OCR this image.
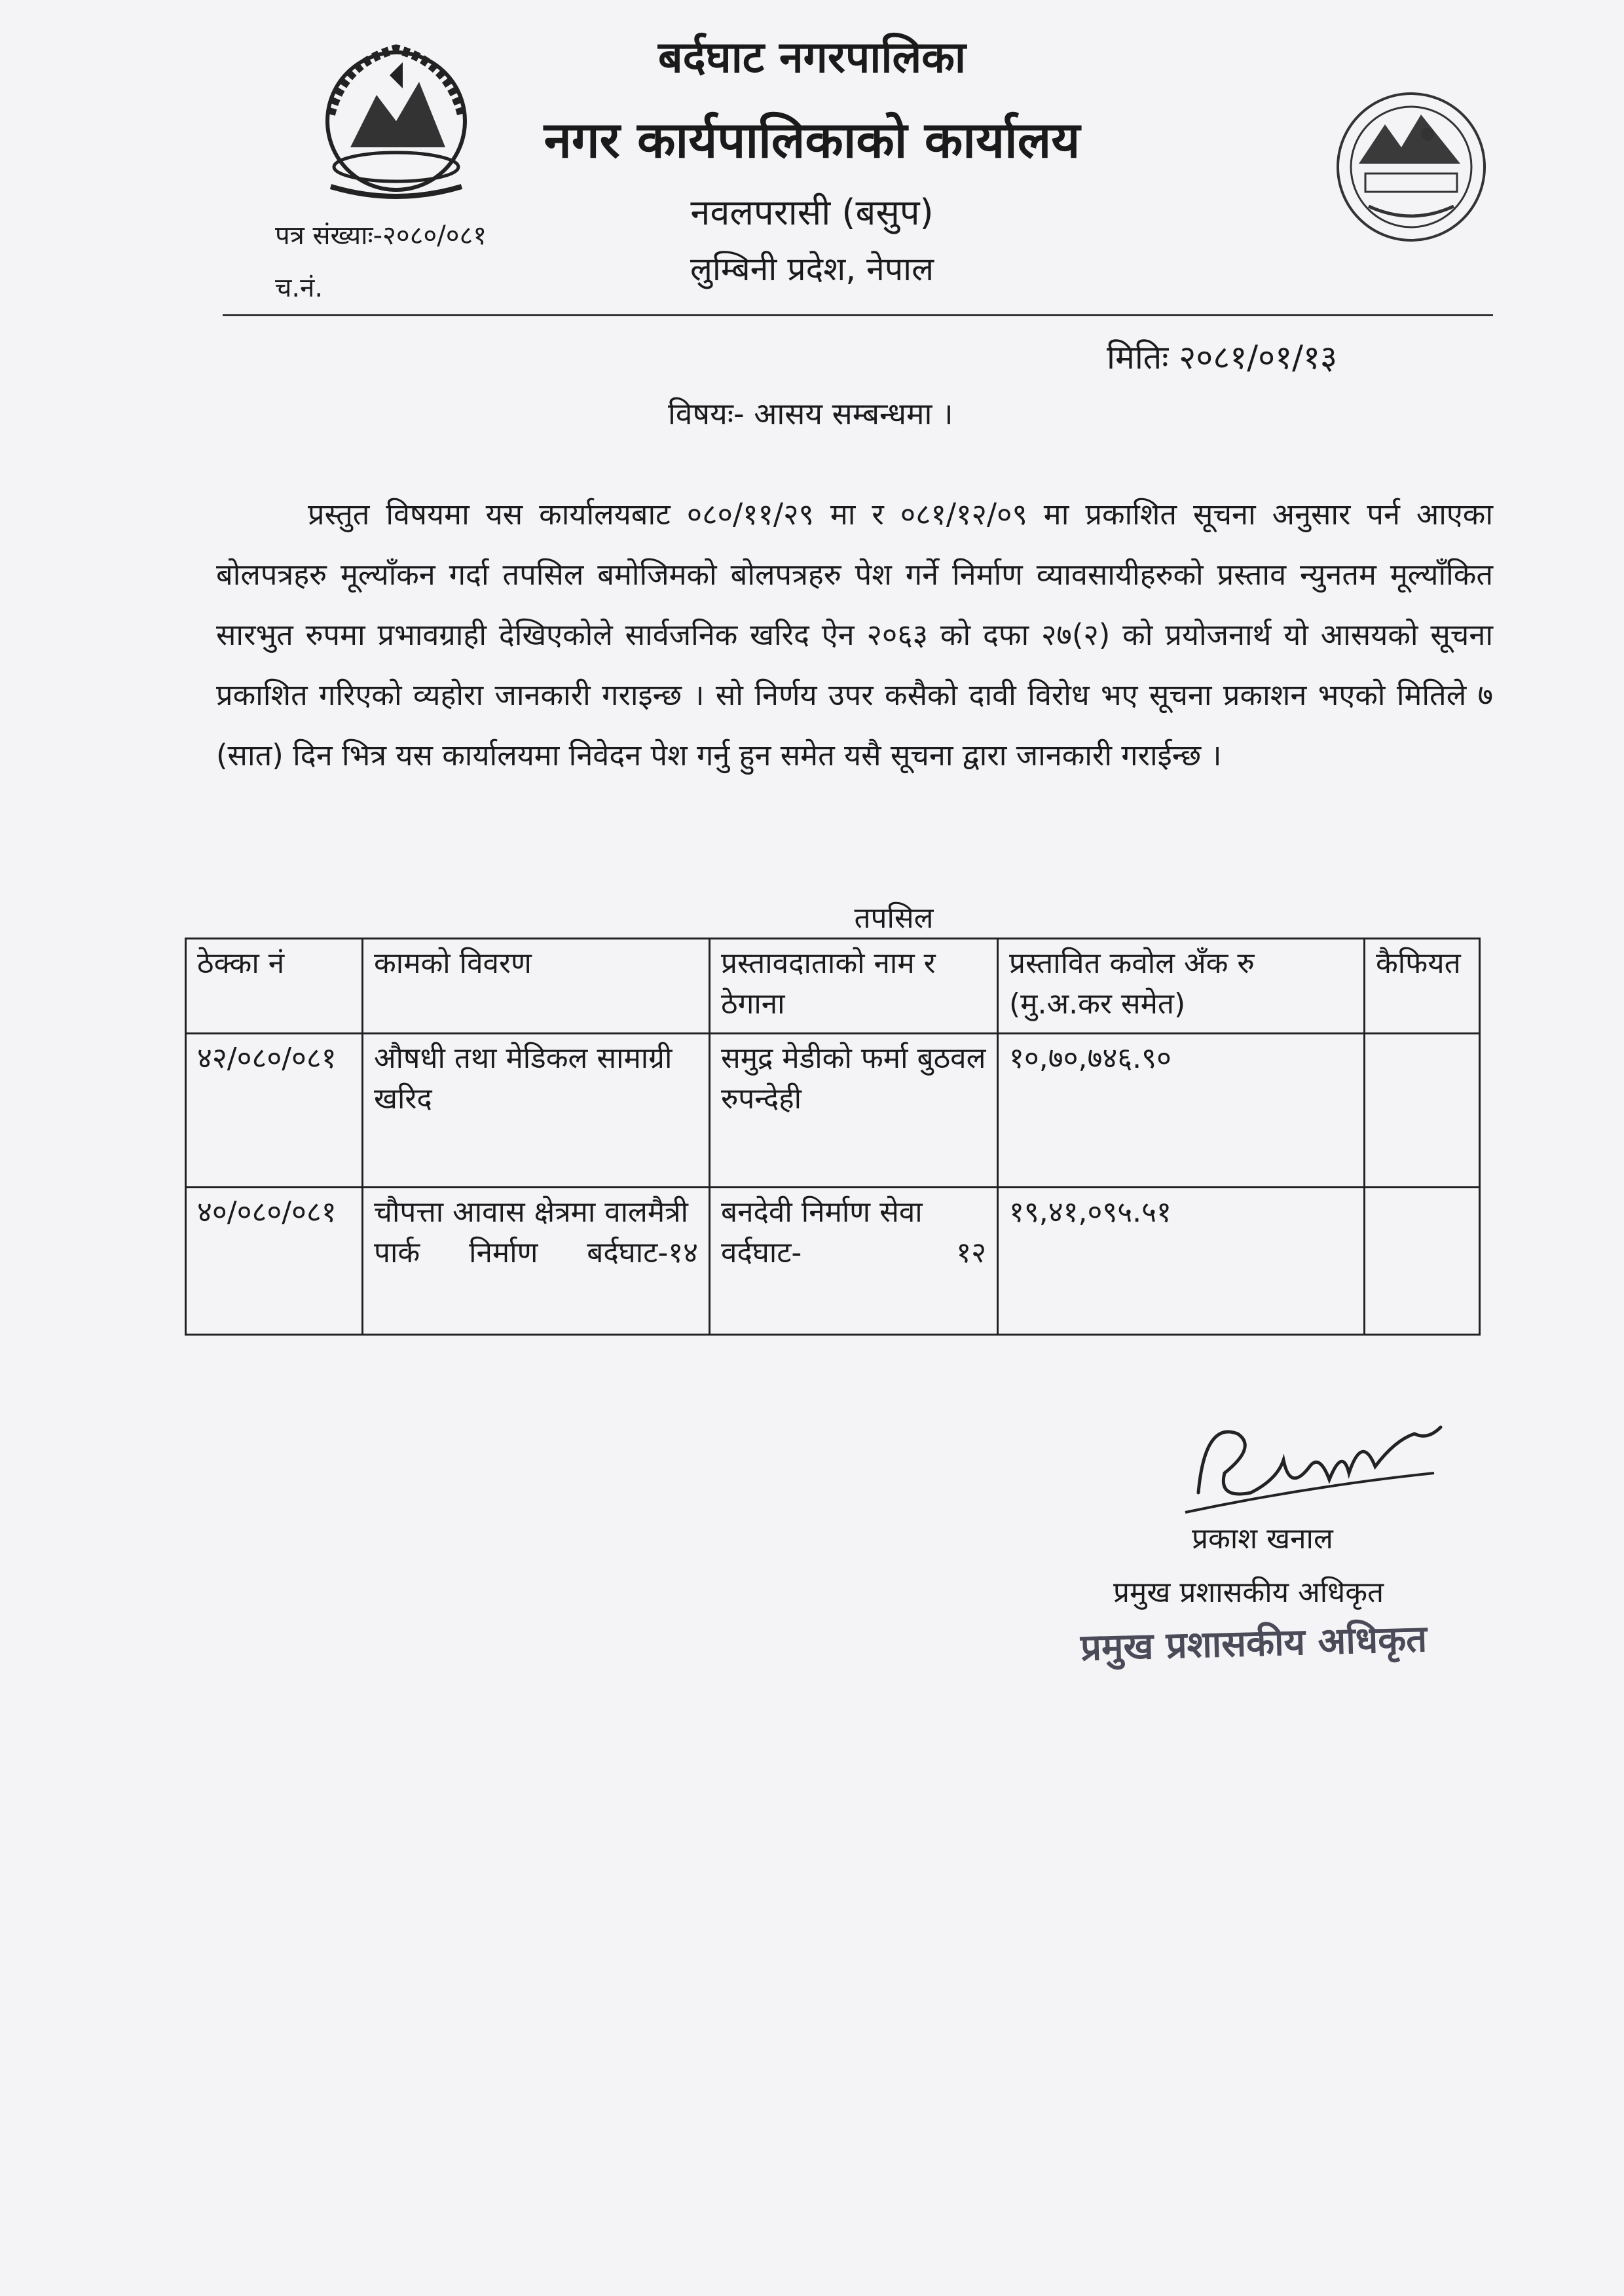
बर्दघाट नगरपालिका
नगर कार्यपालिकाको कार्यालय
नवलपरासी (बसुप)
लुम्बिनी प्रदेश, नेपाल
पत्र संख्याः-२०८०/०८१
च.नं.
मितिः २०८१/०१/१३
विषयः- आसय सम्बन्धमा ।
प्रस्तुत विषयमा यस कार्यालयबाट ०८०/११/२९ मा र ०८१/१२/०९ मा प्रकाशित सूचना अनुसार पर्न आएका बोलपत्रहरु मूल्याँकन गर्दा तपसिल बमोजिमको बोलपत्रहरु पेश गर्ने निर्माण व्यावसायीहरुको प्रस्ताव न्युनतम मूल्याँकित सारभुत रुपमा प्रभावग्राही देखिएकोले सार्वजनिक खरिद ऐन २०६३ को दफा २७(२) को प्रयोजनार्थ यो आसयको सूचना प्रकाशित गरिएको व्यहोरा जानकारी गराइन्छ । सो निर्णय उपर कसैको दावी विरोध भए सूचना प्रकाशन भएको मितिले ७ (सात) दिन भित्र यस कार्यालयमा निवेदन पेश गर्नु हुन समेत यसै सूचना द्वारा जानकारी गराईन्छ ।
तपसिल
ठेक्का नं	कामको विवरण	प्रस्तावदाताको नाम र ठेगाना	प्रस्तावित कवोल अँक रु (मु.अ.कर समेत)	कैफियत
४२/०८०/०८१	औषधी तथा मेडिकल सामाग्री खरिद	समुद्र मेडीको फर्मा बुठवल रुपन्देही	१०,७०,७४६.९०	
४०/०८०/०८१	चौपत्ता आवास क्षेत्रमा वालमैत्री पार्क निर्माण बर्दघाट-१४	बनदेवी निर्माण सेवा वर्दघाट- १२	१९,४१,०९५.५१	
प्रकाश खनाल
प्रमुख प्रशासकीय अधिकृत
प्रमुख प्रशासकीय अधिकृत
